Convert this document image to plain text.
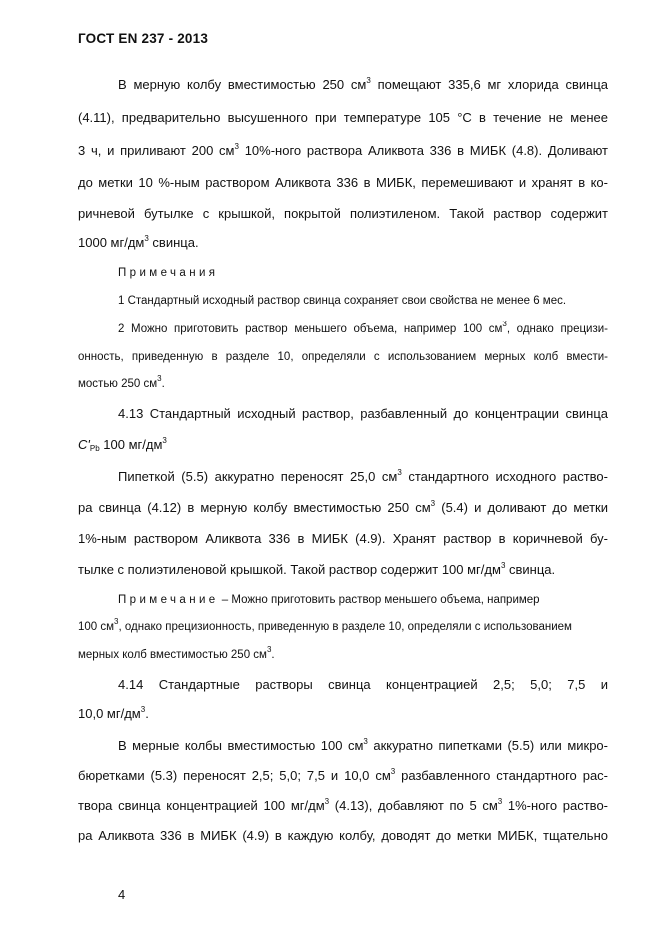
ГОСТ EN 237 - 2013
В мерную колбу вместимостью 250 $см^3$ помещают 335,6 мг хлорида свинца
(4.11), предварительно высушенного при температуре 105 °С в течение не менее
3 ч, и приливают 200 $см^3$ 10%-ного раствора Аликвота 336 в МИБК (4.8). Доливают
до метки 10 %-ным раствором Аликвота 336 в МИБК, перемешивают и хранят в ко-
ричневой бутылке с крышкой, покрытой полиэтиленом. Такой раствор содержит
1000 $мг/дм^3$ свинца.
Примечания
1 Стандартный исходный раствор свинца сохраняет свои свойства не менее 6 мес.
2 Можно приготовить раствор меньшего объема, например 100 $см^3$, однако прецизи-
онность, приведенную в разделе 10, определяли с использованием мерных колб вмести-
мостью 250 $см^3$.
4.13 Стандартный исходный раствор, разбавленный до концентрации свинца
$C'_{Pb}$ 100 $мг/дм^3$
Пипеткой (5.5) аккуратно переносят 25,0 $см^3$ стандартного исходного раство-
ра свинца (4.12) в мерную колбу вместимостью 250 $см^3$ (5.4) и доливают до метки
1%-ным раствором Аликвота 336 в МИБК (4.9). Хранят раствор в коричневой бу-
тылке с полиэтиленовой крышкой. Такой раствор содержит 100 $мг/дм^3$ свинца.
Примечание – Можно приготовить раствор меньшего объема, например
100 $см^3$, однако прецизионность, приведенную в разделе 10, определяли с использованием
мерных колб вместимостью 250 $см^3$.
4.14 Стандартные растворы свинца концентрацией 2,5; 5,0; 7,5 и
10,0 $мг/дм^3$.
В мерные колбы вместимостью 100 $см^3$ аккуратно пипетками (5.5) или микро-
бюретками (5.3) переносят 2,5; 5,0; 7,5 и 10,0 $см^3$ разбавленного стандартного рас-
твора свинца концентрацией 100 $мг/дм^3$ (4.13), добавляют по 5 $см^3$ 1%-ного раство-
ра Аликвота 336 в МИБК (4.9) в каждую колбу, доводят до метки МИБК, тщательно
4
